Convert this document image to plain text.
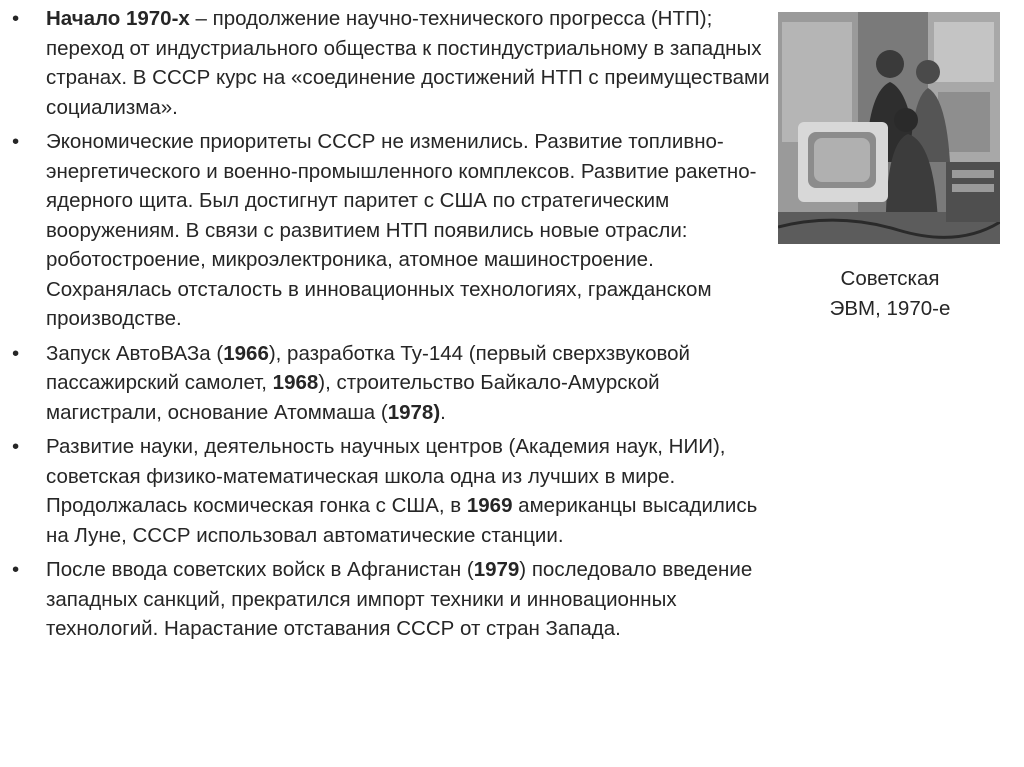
•	Начало 1970-х – продолжение научно-технического прогресса (НТП); переход от индустриального общества к постиндустриальному в западных странах. В СССР курс на «соединение достижений НТП с преимуществами социализма».
•	Экономические приоритеты СССР не изменились. Развитие топливно-энергетического и военно-промышленного комплексов. Развитие ракетно-ядерного щита. Был достигнут паритет с США по стратегическим вооружениям. В связи с развитием НТП появились новые отрасли: роботостроение, микроэлектроника, атомное машиностроение. Сохранялась отсталость в инновационных технологиях, гражданском производстве.
•	Запуск АвтоВАЗа (1966), разработка Ту-144 (первый сверхзвуковой пассажирский самолет, 1968), строительство Байкало-Амурской магистрали, основание Атоммаша (1978).
•	Развитие науки, деятельность научных центров (Академия наук, НИИ), советская физико-математическая школа одна из лучших в мире. Продолжалась космическая гонка с США, в 1969 американцы высадились на Луне, СССР использовал автоматические станции.
•	После ввода советских войск в Афганистан (1979) последовало введение западных санкций, прекратился импорт техники и инновационных технологий. Нарастание отставания СССР от стран Запада.
Советская
ЭВМ, 1970-е
